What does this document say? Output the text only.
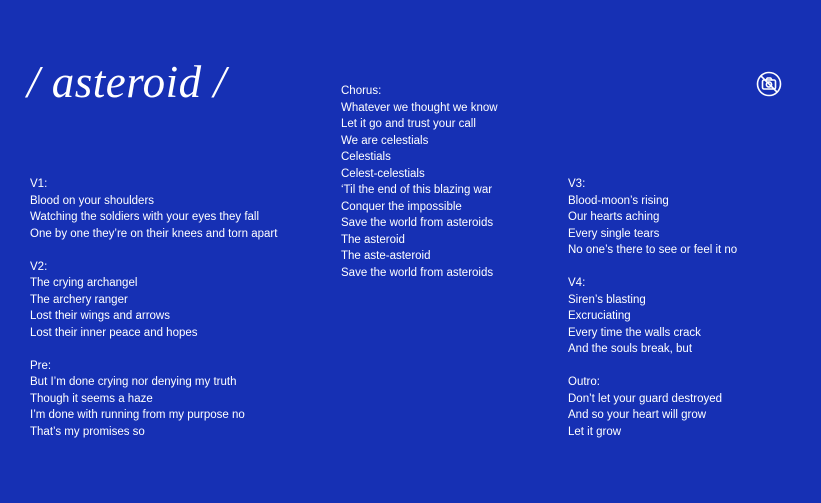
/ asteroid /
V1:
Blood on your shoulders
Watching the soldiers with your eyes they fall
One by one they’re on their knees and torn apart
V2:
The crying archangel
The archery ranger
Lost their wings and arrows
Lost their inner peace and hopes
Pre:
But I’m done crying nor denying my truth
Though it seems a haze
I’m done with running from my purpose no
That’s my promises so
Chorus:
Whatever we thought we know
Let it go and trust your call
We are celestials
Celestials
Celest-celestials
‘Til the end of this blazing war
Conquer the impossible
Save the world from asteroids
The asteroid
The aste-asteroid
Save the world from asteroids
V3:
Blood-moon’s rising
Our hearts aching
Every single tears
No one’s there to see or feel it no
V4:
Siren’s blasting
Excruciating
Every time the walls crack
And the souls break, but
Outro:
Don’t let your guard destroyed
And so your heart will grow
Let it grow
